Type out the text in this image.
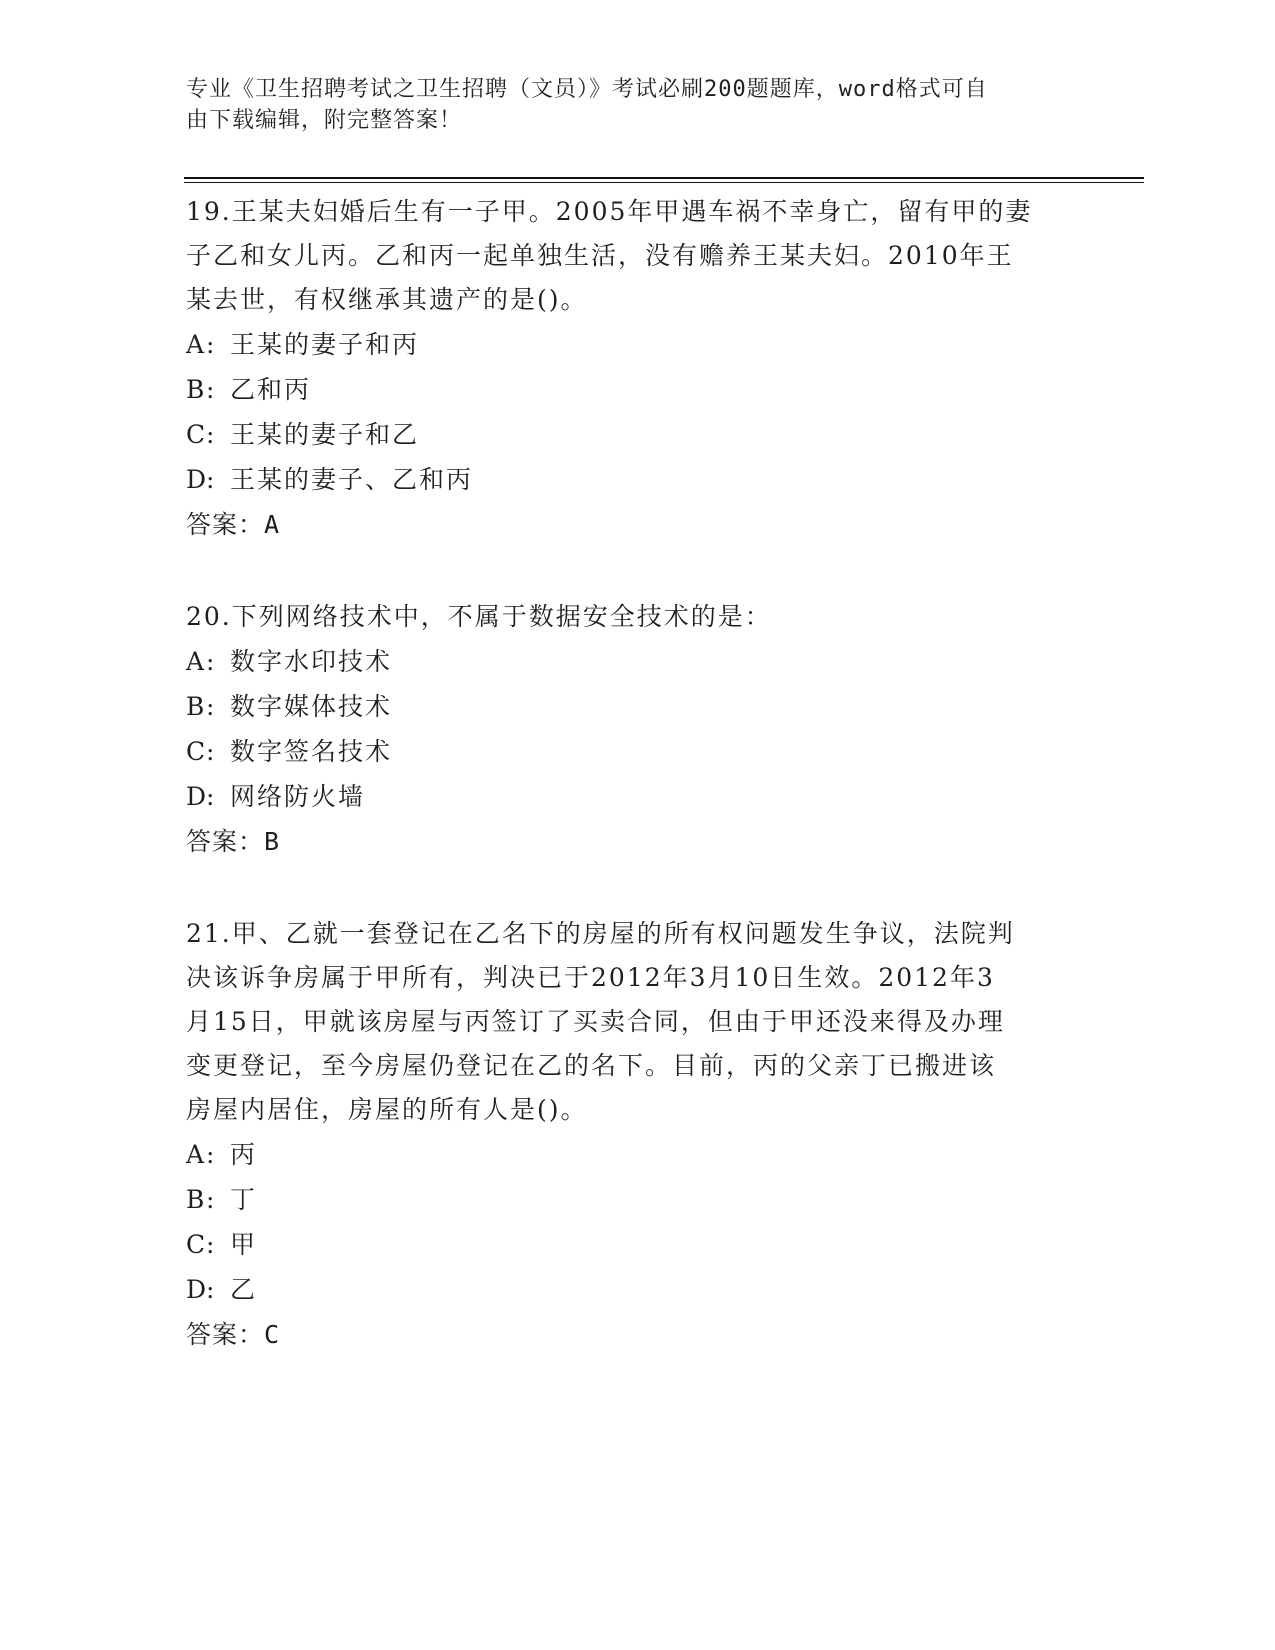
专业《卫生招聘考试之卫生招聘（文员）》考试必刷200题题库，word格式可自
由下载编辑，附完整答案！

19.王某夫妇婚后生有一子甲。2005年甲遇车祸不幸身亡，留有甲的妻
子乙和女儿丙。乙和丙一起单独生活，没有赡养王某夫妇。2010年王
某去世，有权继承其遗产的是()。

A: 王某的妻子和丙
B: 乙和丙
C: 王某的妻子和乙
D: 王某的妻子、乙和丙

答案：A

20.下列网络技术中，不属于数据安全技术的是：

A: 数字水印技术
B: 数字媒体技术
C: 数字签名技术
D: 网络防火墙

答案：B

21.甲、乙就一套登记在乙名下的房屋的所有权问题发生争议，法院判
决该诉争房属于甲所有，判决已于2012年3月10日生效。2012年3
月15日，甲就该房屋与丙签订了买卖合同，但由于甲还没来得及办理
变更登记，至今房屋仍登记在乙的名下。目前，丙的父亲丁已搬进该
房屋内居住，房屋的所有人是()。

A: 丙
B: 丁
C: 甲
D: 乙

答案：C
